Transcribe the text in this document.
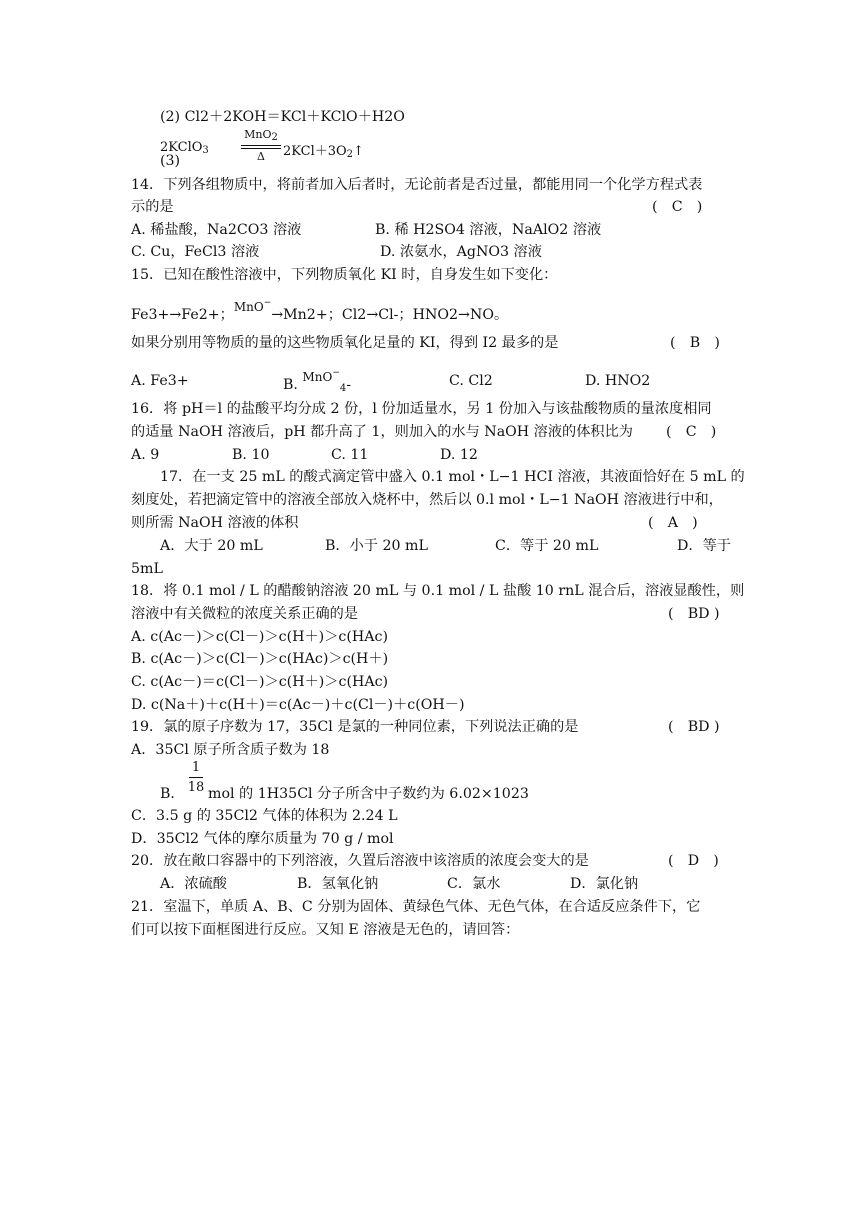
(2) Cl2＋2KOH＝KCl＋KClO＋H2O
2KClO$_3$
MnO2
Δ	$2KCl+3O_2↑$
(3)
14．下列各组物质中，将前者加入后者时，无论前者是否过量，都能用同一个化学方程式表
示的是	(　C　)
A. 稀盐酸，Na2CO3 溶液	B. 稀 H2SO4 溶液，NaAlO2 溶液
C. Cu，FeCl3 溶液	D. 浓氨水，AgNO3 溶液
15．已知在酸性溶液中，下列物质氧化 KI 时，自身发生如下变化：
Fe3+→Fe2+；$^{MnO^-}$→Mn2+；Cl2→Cl-；HNO2→NO。
如果分别用等物质的量的这些物质氧化足量的 KI，得到 I2 最多的是	(　B　)
A. Fe3+	B. $^{MnO^-}_4$-	C. Cl2	D. HNO2
16．将 pH＝l 的盐酸平均分成 2 份，l 份加适量水，另 1 份加入与该盐酸物质的量浓度相同
的适量 NaOH 溶液后，pH 都升高了 1，则加入的水与 NaOH 溶液的体积比为 (　C　)
A. 9	B. 10	C. 11	D. 12
17．在一支 25 mL 的酸式滴定管中盛入 0.1 mol・L−1 HCI 溶液，其液面恰好在 5 mL 的
刻度处，若把滴定管中的溶液全部放入烧杯中，然后以 0.l mol・L−1 NaOH 溶液进行中和，
则所需 NaOH 溶液的体积	(　A　)
A．大于 20 mL	B．小于 20 mL	C．等于 20 mL	D．等于
5mL
18．将 0.1 mol / L 的醋酸钠溶液 20 mL 与 0.1 mol / L 盐酸 10 rnL 混合后，溶液显酸性，则
溶液中有关微粒的浓度关系正确的是	(　BD )
A. c(Ac－)＞c(Cl－)＞c(H＋)＞c(HAc)
B. c(Ac－)＞c(Cl－)＞c(HAc)＞c(H＋)
C. c(Ac－)＝c(Cl－)＞c(H＋)＞c(HAc)
D. c(Na＋)＋c(H＋)＝c(Ac－)＋c(Cl－)＋c(OH－)
19．氯的原子序数为 17，35Cl 是氯的一种同位素，下列说法正确的是	(　BD )
A．35Cl 原子所含质子数为 18
1
18
B． mol 的 1H35Cl 分子所含中子数约为 6.02×1023
C．3.5 g 的 35Cl2 气体的体积为 2.24 L
D．35Cl2 气体的摩尔质量为 70 g / mol
20．放在敞口容器中的下列溶液，久置后溶液中该溶质的浓度会变大的是	(　D　)
A．浓硫酸	B．氢氧化钠	C．氯水	D．氯化钠
21．室温下，单质 A、B、C 分别为固体、黄绿色气体、无色气体，在合适反应条件下，它
们可以按下面框图进行反应。又知 E 溶液是无色的，请回答：
